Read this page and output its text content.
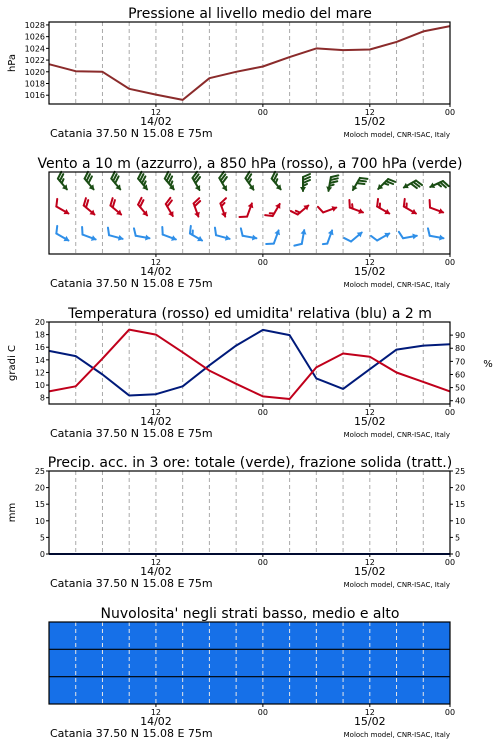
Pressione al livello medio del mare
12	00	12	00
14/02	15/02
Catania 37.50 N 15.08 E 75m	Moloch model, CNR-ISAC, Italy
1016
1018
1020
1022
1024
1026
1028
hPa
Vento a 10 m (azzurro), a 850 hPa (rosso), a 700 hPa (verde)
12	00	12	00
14/02	15/02
Catania 37.50 N 15.08 E 75m	Moloch model, CNR-ISAC, Italy
Temperatura (rosso) ed umidita' relativa (blu) a 2 m
12	00	12	00
14/02	15/02
Catania 37.50 N 15.08 E 75m	Moloch model, CNR-ISAC, Italy
8
10
12
14
16
18
20
40
50
60
70
80
90
gradi C	%
Precip. acc. in 3 ore: totale (verde), frazione solida (tratt.)
12	00	12	00
14/02	15/02
Catania 37.50 N 15.08 E 75m	Moloch model, CNR-ISAC, Italy
0
5
10
15
20
25
0
5
10
15
20
25
mm
Nuvolosita' negli strati basso, medio e alto
12	00	12	00
14/02	15/02
Catania 37.50 N 15.08 E 75m	Moloch model, CNR-ISAC, Italy
